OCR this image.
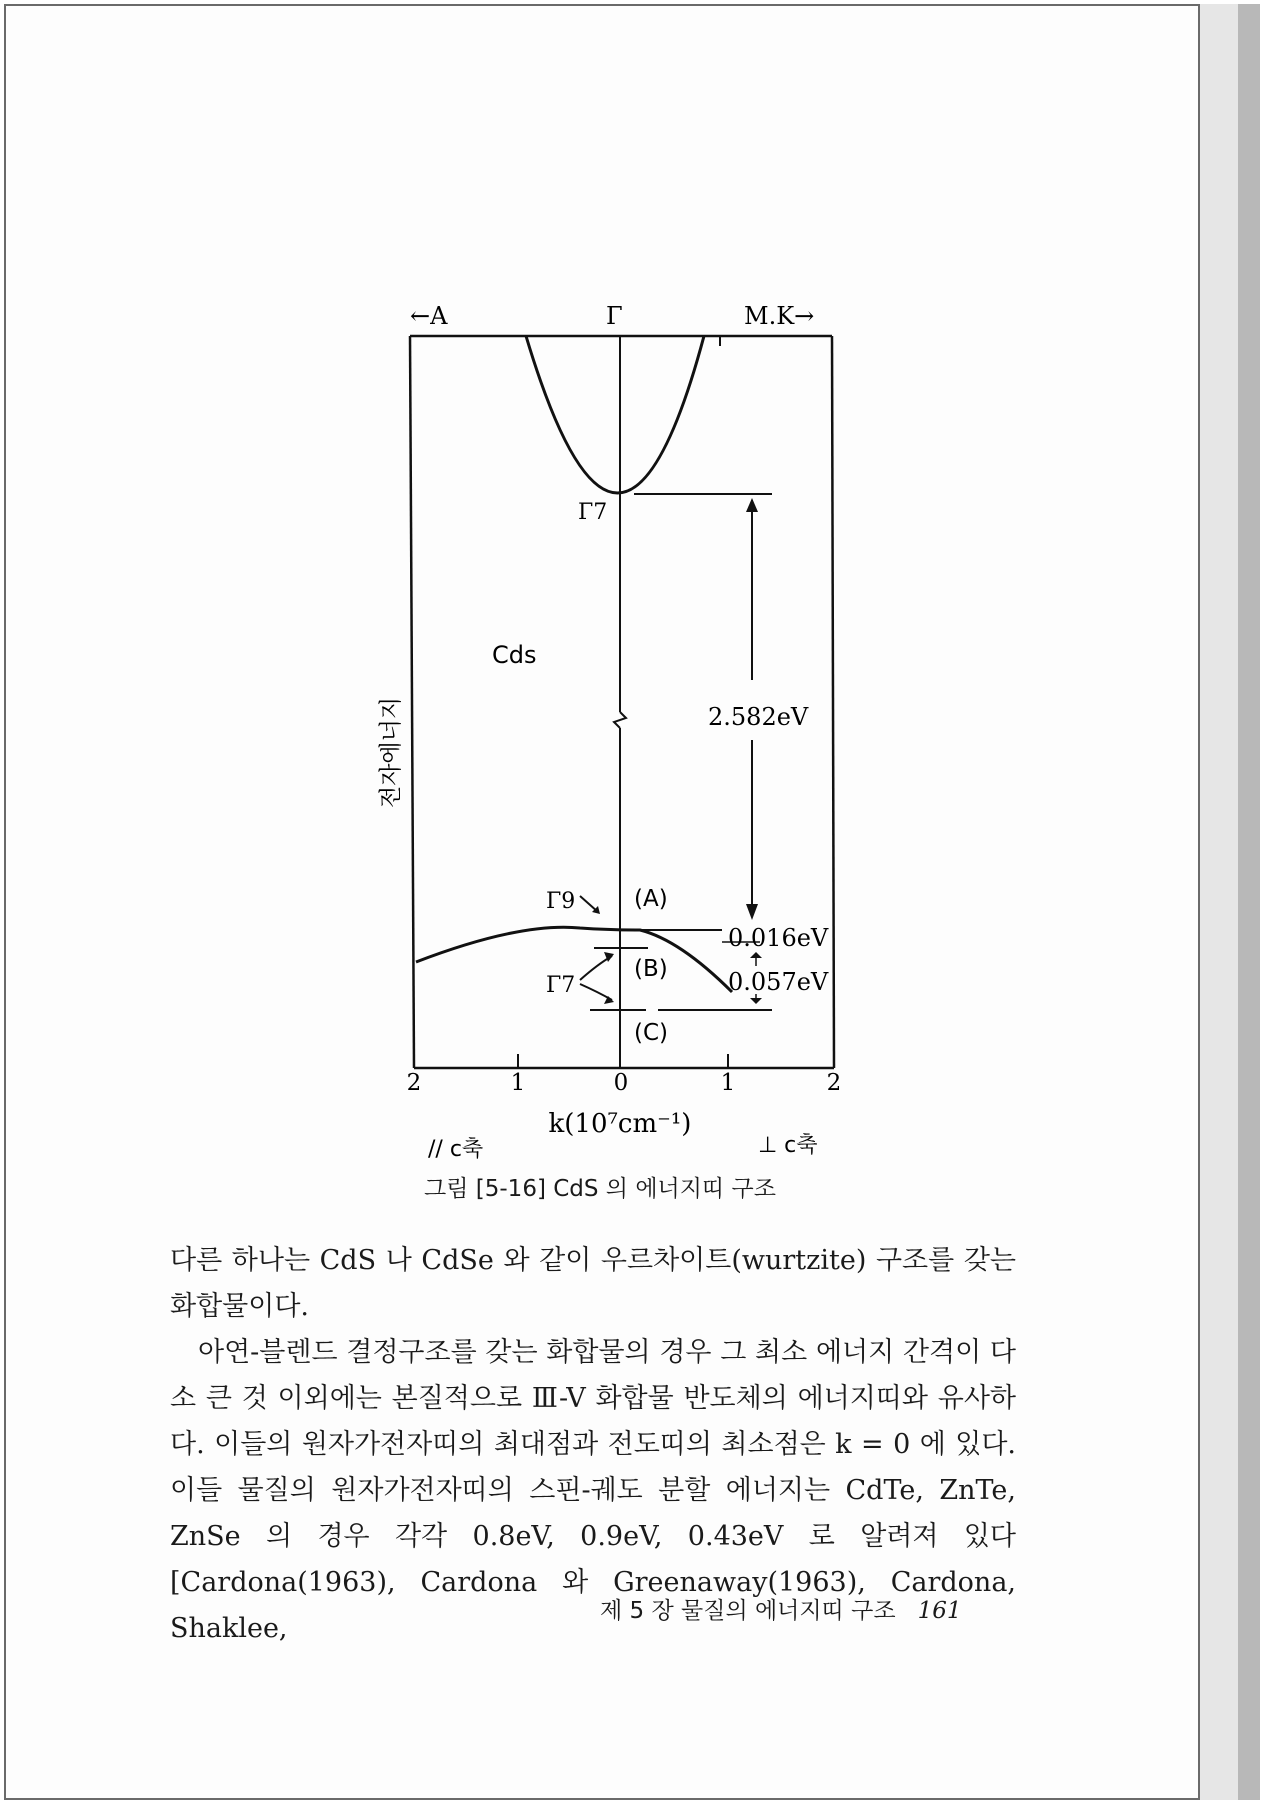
←A	Γ	M.K→
Γ7
Cds
2.582eV
전자에너지
Γ9	(A)
(B)
(C)
Γ7
0.016eV
0.057eV
2	1	0	1	2
k(10⁷cm⁻¹)
// c축	⊥ c축
그림 [5-16] CdS 의 에너지띠 구조

다른 하나는 CdS 나 CdSe 와 같이 우르차이트(wurtzite) 구조를 갖는 화합물이다.

아연-블렌드 결정구조를 갖는 화합물의 경우 그 최소 에너지 간격이 다소 큰 것 이외에는 본질적으로 Ⅲ-V 화합물 반도체의 에너지띠와 유사하다. 이들의 원자가전자띠의 최대점과 전도띠의 최소점은 k = 0 에 있다. 이들 물질의 원자가전자띠의 스핀-궤도 분할 에너지는 CdTe, ZnTe, ZnSe 의 경우 각각 0.8eV, 0.9eV, 0.43eV 로 알려져 있다 [Cardona(1963), Cardona 와 Greenaway(1963), Cardona, Shaklee,

제 5 장 물질의 에너지띠 구조 161
